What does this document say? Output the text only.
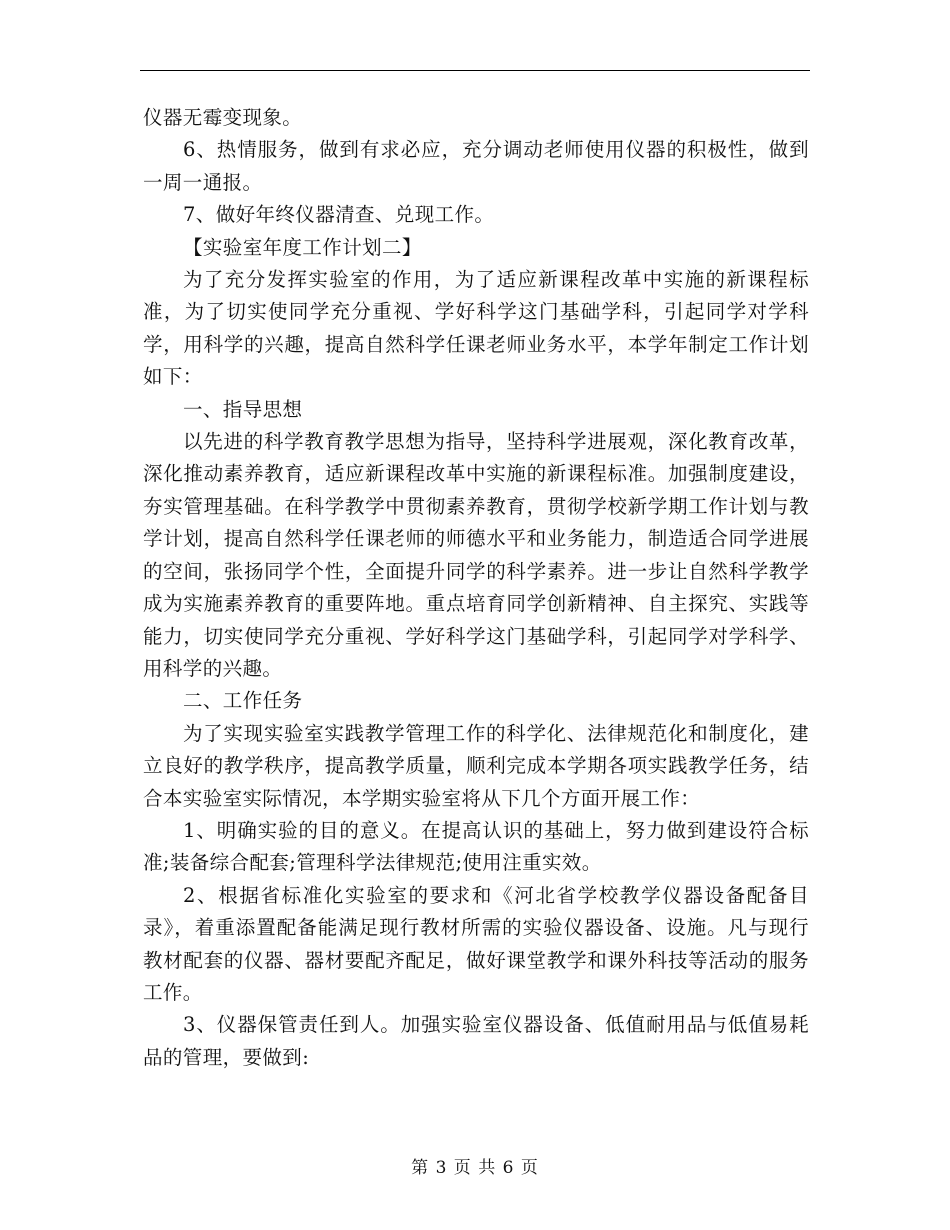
仪器无霉变现象。

6、热情服务，做到有求必应，充分调动老师使用仪器的积极性，做到一周一通报。

7、做好年终仪器清查、兑现工作。

【实验室年度工作计划二】

为了充分发挥实验室的作用，为了适应新课程改革中实施的新课程标准，为了切实使同学充分重视、学好科学这门基础学科，引起同学对学科学，用科学的兴趣，提高自然科学任课老师业务水平，本学年制定工作计划如下：

一、指导思想

以先进的科学教育教学思想为指导，坚持科学进展观，深化教育改革，深化推动素养教育，适应新课程改革中实施的新课程标准。加强制度建设，夯实管理基础。在科学教学中贯彻素养教育，贯彻学校新学期工作计划与教学计划，提高自然科学任课老师的师德水平和业务能力，制造适合同学进展的空间，张扬同学个性，全面提升同学的科学素养。进一步让自然科学教学成为实施素养教育的重要阵地。重点培育同学创新精神、自主探究、实践等能力，切实使同学充分重视、学好科学这门基础学科，引起同学对学科学、用科学的兴趣。

二、工作任务

为了实现实验室实践教学管理工作的科学化、法律规范化和制度化，建立良好的教学秩序，提高教学质量，顺利完成本学期各项实践教学任务，结合本实验室实际情况，本学期实验室将从下几个方面开展工作：

1、明确实验的目的意义。在提高认识的基础上，努力做到建设符合标准;装备综合配套;管理科学法律规范;使用注重实效。

2、根据省标准化实验室的要求和《河北省学校教学仪器设备配备目录》，着重添置配备能满足现行教材所需的实验仪器设备、设施。凡与现行教材配套的仪器、器材要配齐配足，做好课堂教学和课外科技等活动的服务工作。

3、仪器保管责任到人。加强实验室仪器设备、低值耐用品与低值易耗品的管理，要做到:

第 3 页 共 6 页
